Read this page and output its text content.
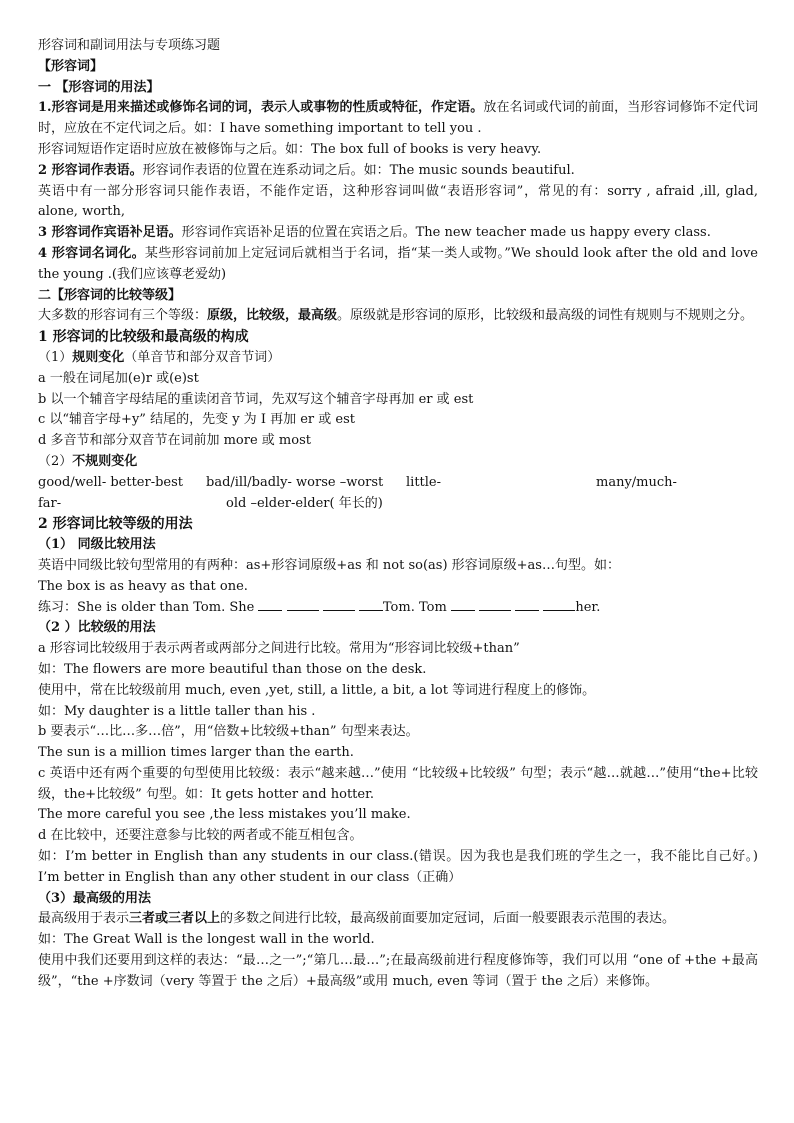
形容词和副词用法与专项练习题
【形容词】
一 【形容词的用法】
1.形容词是用来描述或修饰名词的词，表示人或事物的性质或特征，作定语。放在名词或代词的前面，当形容词修饰不定代词时，应放在不定代词之后。如：I have something important to tell you .
形容词短语作定语时应放在被修饰与之后。如：The box full of books is very heavy.
2 形容词作表语。形容词作表语的位置在连系动词之后。如：The music sounds beautiful.
英语中有一部分形容词只能作表语，不能作定语，这种形容词叫做“表语形容词”，常见的有：sorry , afraid ,ill, glad, alone, worth,
3 形容词作宾语补足语。形容词作宾语补足语的位置在宾语之后。The new teacher made us happy every class.
4 形容词名词化。某些形容词前加上定冠词后就相当于名词，指“某一类人或物。”We should look after the old and love the young .(我们应该尊老爱幼)
二【形容词的比较等级】
大多数的形容词有三个等级：原级，比较级，最高级。原级就是形容词的原形，比较级和最高级的词性有规则与不规则之分。
1 形容词的比较级和最高级的构成
（1）规则变化（单音节和部分双音节词）
a 一般在词尾加(e)r 或(e)st
b 以一个辅音字母结尾的重读闭音节词，先双写这个辅音字母再加 er 或 est
c 以“辅音字母+y” 结尾的，先变 y 为 I 再加 er 或 est
d 多音节和部分双音节在词前加 more 或 most
（2）不规则变化
good/well- better-best bad/ill/badly- worse –worst little-	many/much-
far-	old –elder-elder( 年长的)
2 形容词比较等级的用法
（1） 同级比较用法
英语中同级比较句型常用的有两种：as+形容词原级+as 和 not so(as) 形容词原级+as…句型。如：
The box is as heavy as that one.
练习：She is older than Tom. She	Tom. Tom	her.
（2 ）比较级的用法
a 形容词比较级用于表示两者或两部分之间进行比较。常用为“形容词比较级+than”
如：The flowers are more beautiful than those on the desk.
使用中，常在比较级前用 much, even ,yet, still, a little, a bit, a lot 等词进行程度上的修饰。
如：My daughter is a little taller than his .
b 要表示“…比…多…倍”，用“倍数+比较级+than” 句型来表达。
The sun is a million times larger than the earth.
c 英语中还有两个重要的句型使用比较级：表示“越来越…”使用 “比较级+比较级” 句型；表示“越…就越…”使用“the+比较级，the+比较级” 句型。如：It gets hotter and hotter.
The more careful you see ,the less mistakes you’ll make.
d 在比较中，还要注意参与比较的两者或不能互相包含。
如：I’m better in English than any students in our class.(错误。因为我也是我们班的学生之一，我不能比自己好。) I’m better in English than any other student in our class（正确）
（3）最高级的用法
最高级用于表示三者或三者以上的多数之间进行比较，最高级前面要加定冠词，后面一般要跟表示范围的表达。
如：The Great Wall is the longest wall in the world.
使用中我们还要用到这样的表达：“最…之一”;“第几…最…”;在最高级前进行程度修饰等，我们可以用 “one of +the +最高级”，“the +序数词（very 等置于 the 之后）+最高级”或用 much, even 等词（置于 the 之后）来修饰。
